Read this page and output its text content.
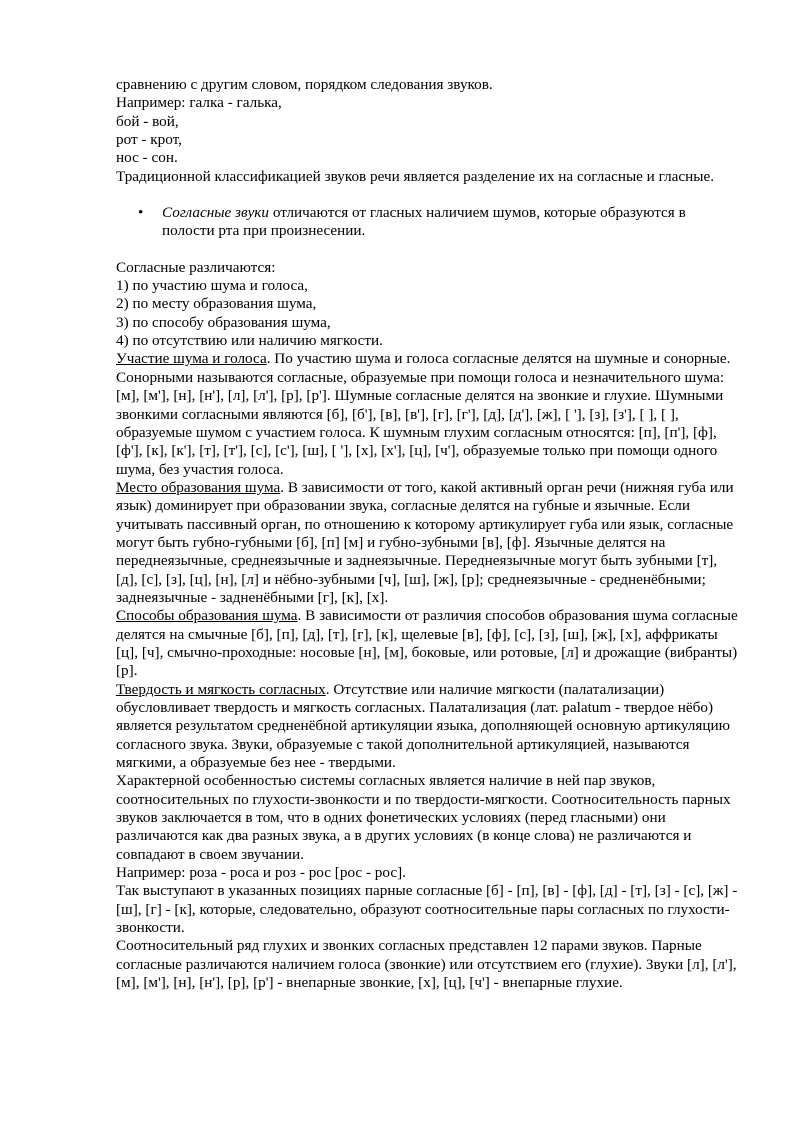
сравнению с другим словом, порядком следования звуков.

Например: галка - галька,

бой - вой,

рот - крот,

нос - сон.

Традиционной классификацией звуков речи является разделение их на согласные и гласные.

• Согласные звуки отличаются от гласных наличием шумов, которые образуются в полости рта при произнесении.

Согласные различаются:

1) по участию шума и голоса,

2) по месту образования шума,

3) по способу образования шума,

4) по отсутствию или наличию мягкости.

Участие шума и голоса. По участию шума и голоса согласные делятся на шумные и сонорные. Сонорными называются согласные, образуемые при помощи голоса и незначительного шума: [м], [м'], [н], [н'], [л], [л'], [р], [р']. Шумные согласные делятся на звонкие и глухие. Шумными звонкими согласными являются [б], [б'], [в], [в'], [г], [г'], [д], [д'], [ж], [ '], [з], [з'], [ ], [ ], образуемые шумом с участием голоса. К шумным глухим согласным относятся: [п], [п'], [ф], [ф'], [к], [к'], [т], [т'], [с], [с'], [ш], [ '], [х], [х'], [ц], [ч'], образуемые только при помощи одного шума, без участия голоса.

Место образования шума. В зависимости от того, какой активный орган речи (нижняя губа или язык) доминирует при образовании звука, согласные делятся на губные и язычные. Если учитывать пассивный орган, по отношению к которому артикулирует губа или язык, согласные могут быть губно-губными [б], [п] [м] и губно-зубными [в], [ф]. Язычные делятся на переднеязычные, среднеязычные и заднеязычные. Переднеязычные могут быть зубными [т], [д], [с], [з], [ц], [н], [л] и нёбно-зубными [ч], [ш], [ж], [р]; среднеязычные - средненёбными; заднеязычные - задненёбными [г], [к], [х].

Способы образования шума. В зависимости от различия способов образования шума согласные делятся на смычные [б], [п], [д], [т], [г], [к], щелевые [в], [ф], [с], [з], [ш], [ж], [х], аффрикаты [ц], [ч], смычно-проходные: носовые [н], [м], боковые, или ротовые, [л] и дрожащие (вибранты) [р].

Твердость и мягкость согласных. Отсутствие или наличие мягкости (палатализации) обусловливает твердость и мягкость согласных. Палатализация (лат. palatum - твердое нёбо) является результатом средненёбной артикуляции языка, дополняющей основную артикуляцию согласного звука. Звуки, образуемые с такой дополнительной артикуляцией, называются мягкими, а образуемые без нее - твердыми.

Характерной особенностью системы согласных является наличие в ней пар звуков, соотносительных по глухости-звонкости и по твердости-мягкости. Соотносительность парных звуков заключается в том, что в одних фонетических условиях (перед гласными) они различаются как два разных звука, а в других условиях (в конце слова) не различаются и совпадают в своем звучании.

Например: роза - роса и роз - рос [рос - рос].

Так выступают в указанных позициях парные согласные [б] - [п], [в] - [ф], [д] - [т], [з] - [с], [ж] - [ш], [г] - [к], которые, следовательно, образуют соотносительные пары согласных по глухости-звонкости.

Соотносительный ряд глухих и звонких согласных представлен 12 парами звуков. Парные согласные различаются наличием голоса (звонкие) или отсутствием его (глухие). Звуки [л], [л'], [м], [м'], [н], [н'], [р], [р'] - внепарные звонкие, [х], [ц], [ч'] - внепарные глухие.
